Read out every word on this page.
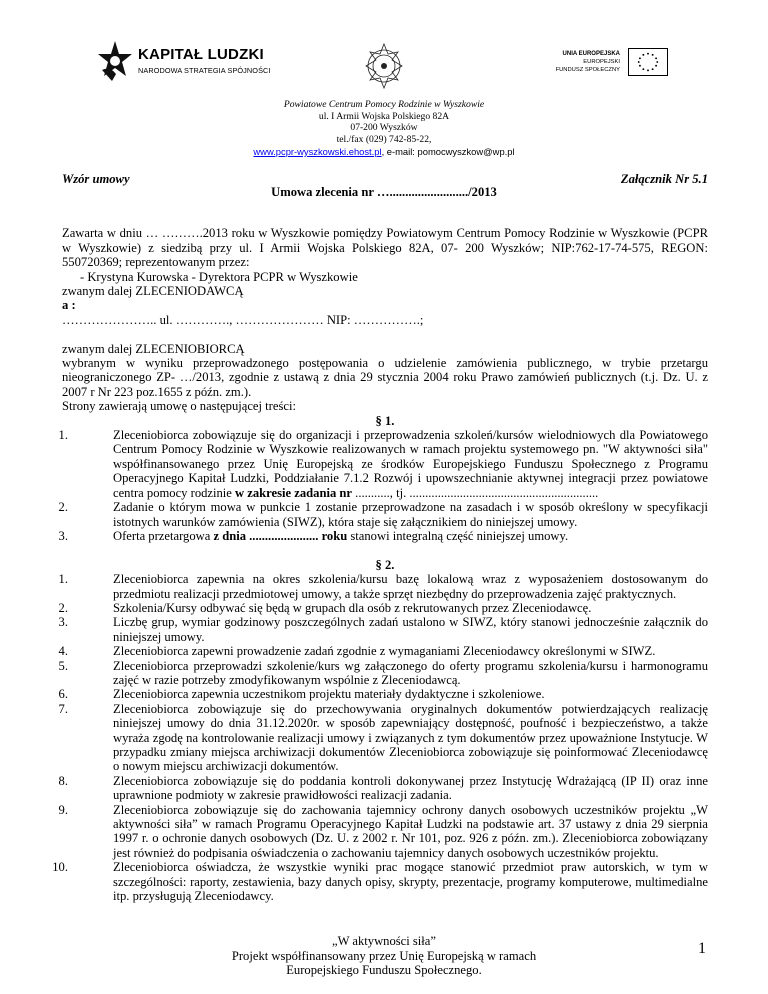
KAPITAŁ LUDZKI
NARODOWA STRATEGIA SPÓJNOŚCI
UNIA EUROPEJSKA
EUROPEJSKI
FUNDUSZ SPOŁECZNY
Powiatowe Centrum Pomocy Rodzinie w Wyszkowie
ul. I Armii Wojska Polskiego 82A
07-200 Wyszków
tel./fax (029) 742-85-22,
www.pcpr-wyszkowski.ehost.pl, e-mail: pomocwyszkow@wp.pl
Wzór umowy	Załącznik Nr 5.1
Umowa zlecenia nr …........................./2013

Zawarta w dniu … ……….2013 roku w Wyszkowie pomiędzy Powiatowym Centrum Pomocy Rodzinie w Wyszkowie (PCPR w Wyszkowie) z siedzibą przy ul. I Armii Wojska Polskiego 82A, 07- 200 Wyszków; NIP:762-17-74-575, REGON: 550720369; reprezentowanym przez:

- Krystyna Kurowska - Dyrektora PCPR w Wyszkowie

zwanym dalej ZLECENIODAWCĄ

a :

………………….. ul. …………., ………………… NIP: …………….;

zwanym dalej ZLECENIOBIORCĄ

wybranym w wyniku przeprowadzonego postępowania o udzielenie zamówienia publicznego, w trybie przetargu nieograniczonego ZP- …/2013, zgodnie z ustawą z dnia 29 stycznia 2004 roku Prawo zamówień publicznych (t.j. Dz. U. z 2007 r Nr 223 poz.1655 z późn. zm.).

Strony zawierają umowę o następującej treści:

§ 1.

1.	Zleceniobiorca zobowiązuje się do organizacji i przeprowadzenia szkoleń/kursów wielodniowych dla Powiatowego Centrum Pomocy Rodzinie w Wyszkowie realizowanych w ramach projektu systemowego pn. "W aktywności siła" współfinansowanego przez Unię Europejską ze środków Europejskiego Funduszu Społecznego z Programu Operacyjnego Kapitał Ludzki, Poddziałanie 7.1.2 Rozwój i upowszechnianie aktywnej integracji przez powiatowe centra pomocy rodzinie w zakresie zadania nr ..........., tj. ............................................................
2.	Zadanie o którym mowa w punkcie 1 zostanie przeprowadzone na zasadach i w sposób określony w specyfikacji istotnych warunków zamówienia (SIWZ), która staje się załącznikiem do niniejszej umowy.
3.	Oferta przetargowa z dnia ...................... roku stanowi integralną część niniejszej umowy.

§ 2.

1.	Zleceniobiorca zapewnia na okres szkolenia/kursu bazę lokalową wraz z wyposażeniem dostosowanym do przedmiotu realizacji przedmiotowej umowy, a także sprzęt niezbędny do przeprowadzenia zajęć praktycznych.
2.	Szkolenia/Kursy odbywać się będą w grupach dla osób z rekrutowanych przez Zleceniodawcę.
3.	Liczbę grup, wymiar godzinowy poszczególnych zadań ustalono w SIWZ, który stanowi jednocześnie załącznik do niniejszej umowy.
4.	Zleceniobiorca zapewni prowadzenie zadań zgodnie z wymaganiami Zleceniodawcy określonymi w SIWZ.
5.	Zleceniobiorca przeprowadzi szkolenie/kurs wg załączonego do oferty programu szkolenia/kursu i harmonogramu zajęć w razie potrzeby zmodyfikowanym wspólnie z Zleceniodawcą.
6.	Zleceniobiorca zapewnia uczestnikom projektu materiały dydaktyczne i szkoleniowe.
7.	Zleceniobiorca zobowiązuje się do przechowywania oryginalnych dokumentów potwierdzających realizację niniejszej umowy do dnia 31.12.2020r. w sposób zapewniający dostępność, poufność i bezpieczeństwo, a także wyraża zgodę na kontrolowanie realizacji umowy i związanych z tym dokumentów przez upoważnione Instytucje. W przypadku zmiany miejsca archiwizacji dokumentów Zleceniobiorca zobowiązuje się poinformować Zleceniodawcę o nowym miejscu archiwizacji dokumentów.
8.	Zleceniobiorca zobowiązuje się do poddania kontroli dokonywanej przez Instytucję Wdrażającą (IP II) oraz inne uprawnione podmioty w zakresie prawidłowości realizacji zadania.
9.	Zleceniobiorca zobowiązuje się do zachowania tajemnicy ochrony danych osobowych uczestników projektu „W aktywności siła” w ramach Programu Operacyjnego Kapitał Ludzki na podstawie art. 37 ustawy z dnia 29 sierpnia 1997 r. o ochronie danych osobowych (Dz. U. z 2002 r. Nr 101, poz. 926 z późn. zm.). Zleceniobiorca zobowiązany jest również do podpisania oświadczenia o zachowaniu tajemnicy danych osobowych uczestników projektu.
10.	Zleceniobiorca oświadcza, że wszystkie wyniki prac mogące stanowić przedmiot praw autorskich, w tym w szczególności: raporty, zestawienia, bazy danych opisy, skrypty, prezentacje, programy komputerowe, multimedialne itp. przysługują Zleceniodawcy.
„W aktywności siła”
Projekt współfinansowany przez Unię Europejską w ramach
Europejskiego Funduszu Społecznego.
1
